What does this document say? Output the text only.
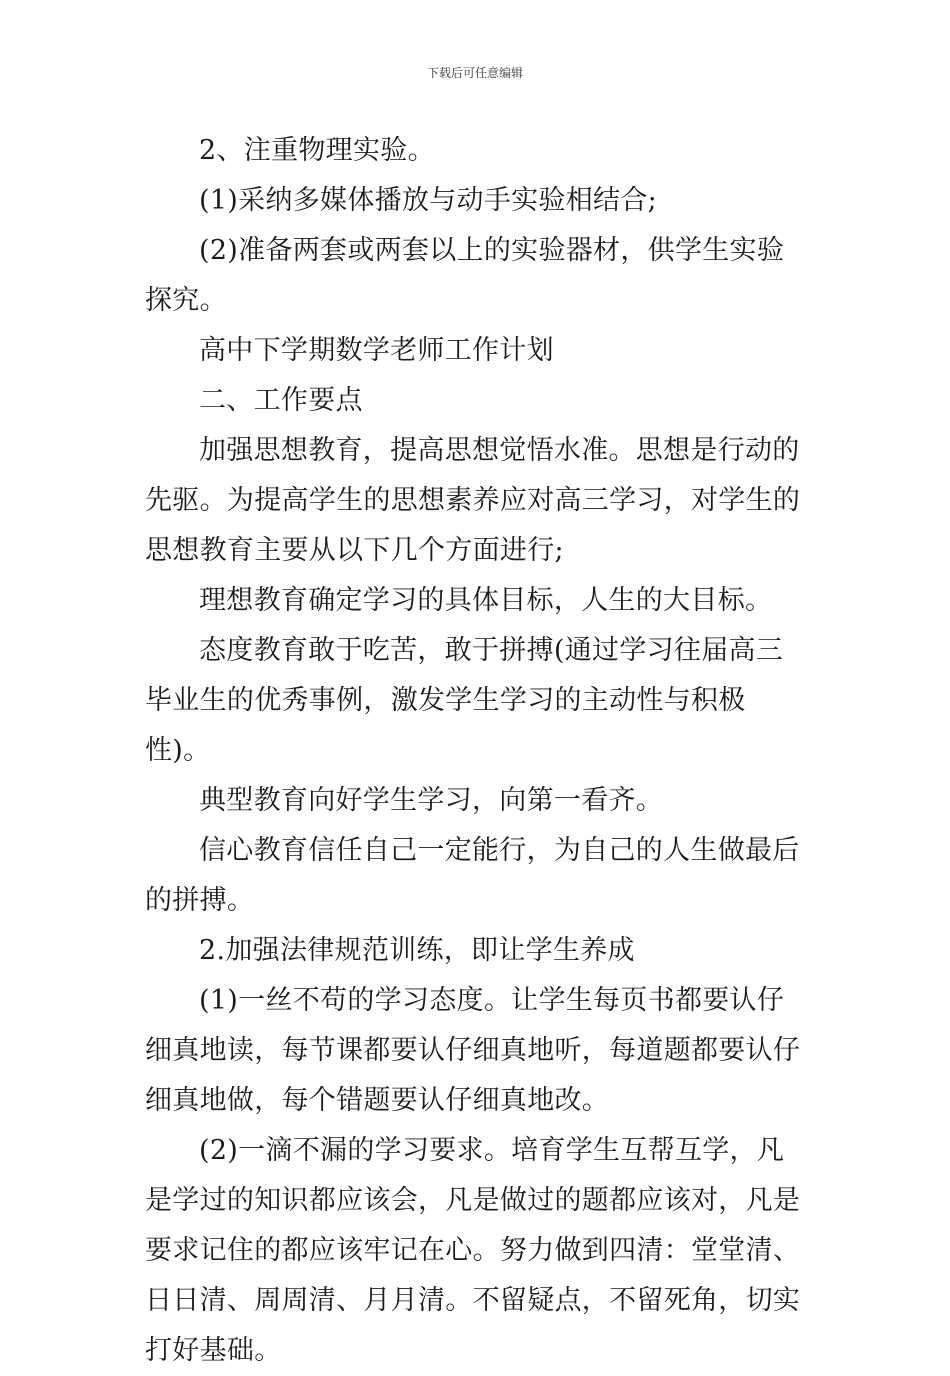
下载后可任意编辑

2、注重物理实验。

(1)采纳多媒体播放与动手实验相结合;

(2)准备两套或两套以上的实验器材，供学生实验探究。

高中下学期数学老师工作计划

二、工作要点

加强思想教育，提高思想觉悟水准。思想是行动的先驱。为提高学生的思想素养应对高三学习，对学生的思想教育主要从以下几个方面进行;

理想教育确定学习的具体目标，人生的大目标。

态度教育敢于吃苦，敢于拼搏(通过学习往届高三毕业生的优秀事例，激发学生学习的主动性与积极性)。

典型教育向好学生学习，向第一看齐。

信心教育信任自己一定能行，为自己的人生做最后的拼搏。

2.加强法律规范训练，即让学生养成

(1)一丝不苟的学习态度。让学生每页书都要认仔细真地读，每节课都要认仔细真地听，每道题都要认仔细真地做，每个错题要认仔细真地改。

(2)一滴不漏的学习要求。培育学生互帮互学，凡是学过的知识都应该会，凡是做过的题都应该对，凡是要求记住的都应该牢记在心。努力做到四清：堂堂清、日日清、周周清、月月清。不留疑点，不留死角，切实打好基础。
